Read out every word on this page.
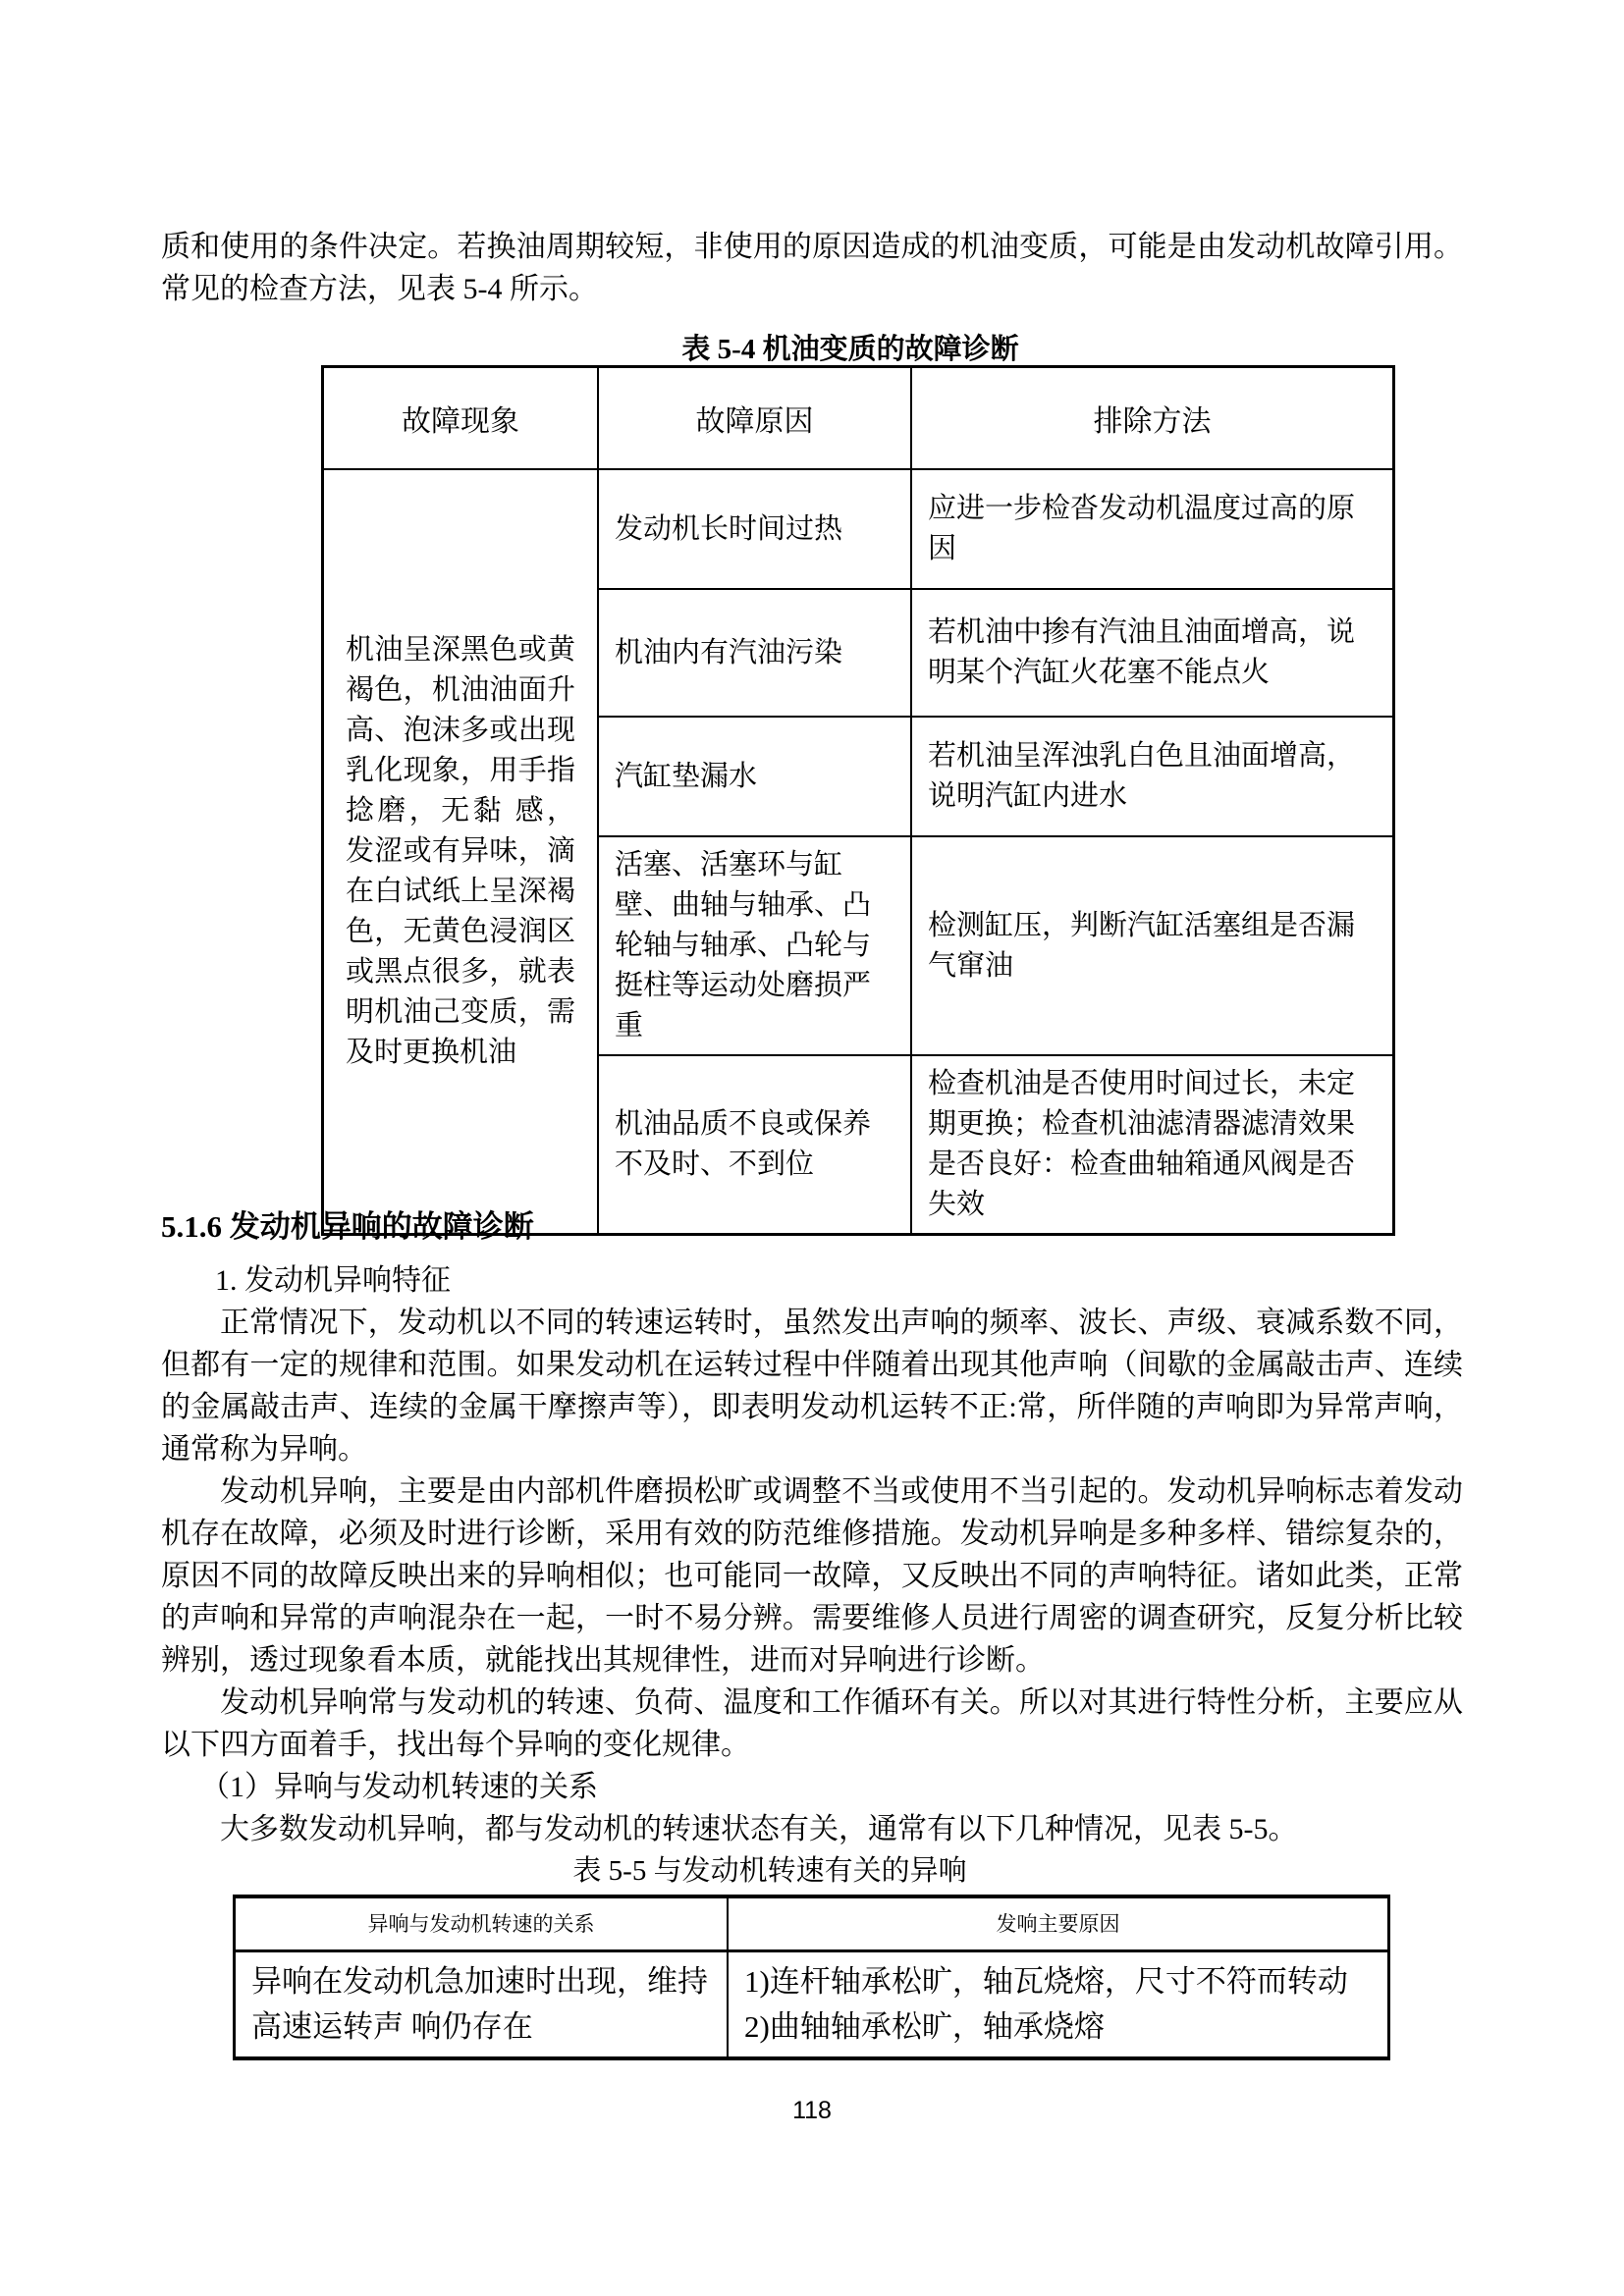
质和使用的条件决定。若换油周期较短，非使用的原因造成的机油变质，可能是由发动机故障引用。常见的检查方法，见表 5-4 所示。

表 5-4 机油变质的故障诊断
故障现象	故障原因	排除方法
机油呈深黑色或黄褐色，机油油面升高、泡沫多或出现乳化现象，用手指捻磨，无黏 感，发涩或有异味，滴在白试纸上呈深褐色，无黄色浸润区或黑点很多，就表明机油己变质，需及时更换机油	发动机长时间过热	应进一步检沓发动机温度过高的原因
	机油内有汽油污染	若机油中掺有汽油且油面增高，说明某个汽缸火花塞不能点火
	汽缸垫漏水	若机油呈浑浊乳白色且油面增高，说明汽缸内进水
	活塞、活塞环与缸壁、曲轴与轴承、凸轮轴与轴承、凸轮与挺柱等运动处磨损严重	检测缸压，判断汽缸活塞组是否漏气窜油
	机油品质不良或保养不及时、不到位	检查机油是否使用时间过长，未定期更换；检查机油滤清器滤清效果是否良好：检查曲轴箱通风阀是否失效
5.1.6 发动机异响的故障诊断

1. 发动机异响特征

正常情况下，发动机以不同的转速运转时，虽然发出声响的频率、波长、声级、衰减系数不同，但都有一定的规律和范围。如果发动机在运转过程中伴随着出现其他声响（间歇的金属敲击声、连续的金属敲击声、连续的金属干摩擦声等），即表明发动机运转不正:常，所伴随的声响即为异常声响，通常称为异响。

发动机异响，主要是由内部机件磨损松旷或调整不当或使用不当引起的。发动机异响标志着发动机存在故障，必须及时进行诊断，采用有效的防范维修措施。发动机异响是多种多样、错综复杂的，原因不同的故障反映出来的异响相似；也可能同一故障，又反映出不同的声响特征。诸如此类，正常的声响和异常的声响混杂在一起，一时不易分辨。需要维修人员进行周密的调查研究，反复分析比较辨别，透过现象看本质，就能找出其规律性，进而对异响进行诊断。

发动机异响常与发动机的转速、负荷、温度和工作循环有关。所以对其进行特性分析，主要应从以下四方面着手，找出每个异响的变化规律。

（1）异响与发动机转速的关系

大多数发动机异响，都与发动机的转速状态有关，通常有以下几种情况，见表 5-5。

表 5-5 与发动机转速有关的异响

异响与发动机转速的关系	发响主要原因
异响在发动机急加速时出现，维持高速运转声 响仍存在	1)连杆轴承松旷，轴瓦烧熔，尺寸不符而转动
2)曲轴轴承松旷，轴承烧熔
118
